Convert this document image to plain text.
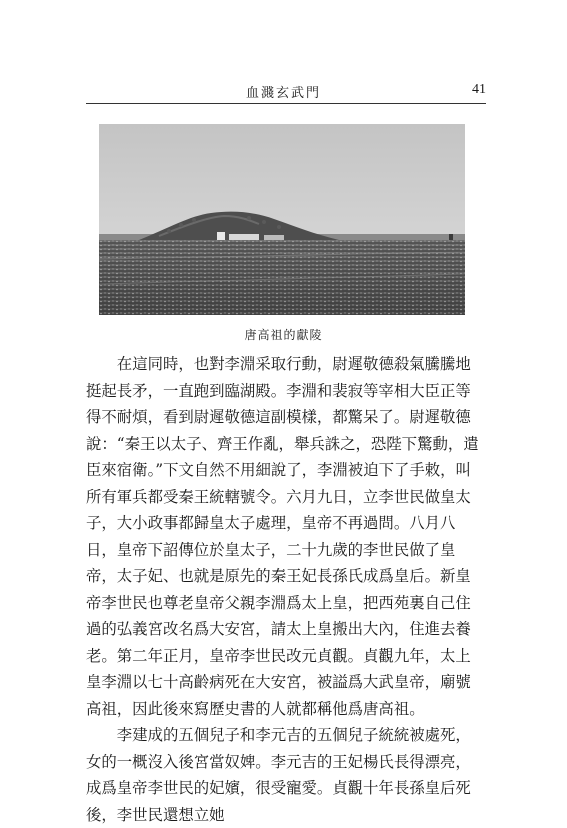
血濺玄武門	41
唐高祖的獻陵

在這同時，也對李淵采取行動，尉遲敬德殺氣騰騰地挺起長矛，一直跑到臨湖殿。李淵和裴寂等宰相大臣正等得不耐煩，看到尉遲敬德這副模樣，都驚呆了。尉遲敬德說：“秦王以太子、齊王作亂，舉兵誅之，恐陛下驚動，遣臣來宿衛。”下文自然不用細說了，李淵被迫下了手敕，叫所有軍兵都受秦王統轄號令。六月九日，立李世民做皇太子，大小政事都歸皇太子處理，皇帝不再過問。八月八日，皇帝下詔傳位於皇太子，二十九歲的李世民做了皇帝，太子妃、也就是原先的秦王妃長孫氏成爲皇后。新皇帝李世民也尊老皇帝父親李淵爲太上皇，把西苑裏自己住過的弘義宮改名爲大安宮，請太上皇搬出大內，住進去養老。第二年正月，皇帝李世民改元貞觀。貞觀九年，太上皇李淵以七十高齡病死在大安宮，被謚爲大武皇帝，廟號高祖，因此後來寫歷史書的人就都稱他爲唐高祖。

李建成的五個兒子和李元吉的五個兒子統統被處死，女的一概沒入後宮當奴婢。李元吉的王妃楊氏長得漂亮，成爲皇帝李世民的妃嬪，很受寵愛。貞觀十年長孫皇后死後，李世民還想立她
